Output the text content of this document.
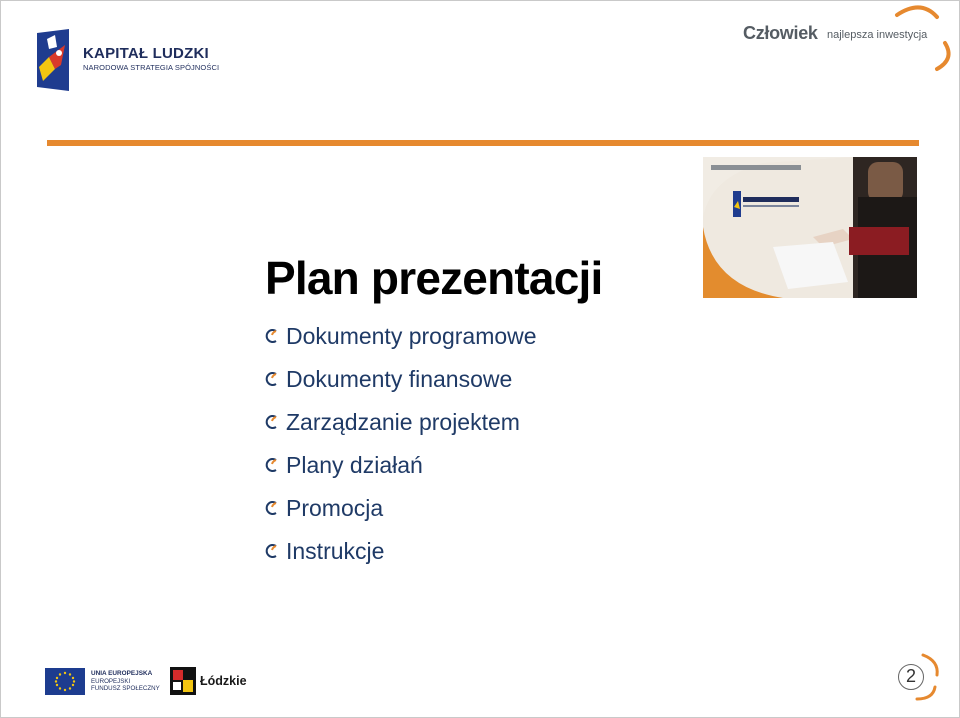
KAPITAŁ LUDZKI
NARODOWA STRATEGIA SPÓJNOŚCI
Człowiek najlepsza inwestycja
Plan prezentacji
Dokumenty programowe
Dokumenty finansowe
Zarządzanie projektem
Plany działań
Promocja
Instrukcje
UNIA EUROPEJSKA
EUROPEJSKI
FUNDUSZ SPOŁECZNY
Łódzkie	2
